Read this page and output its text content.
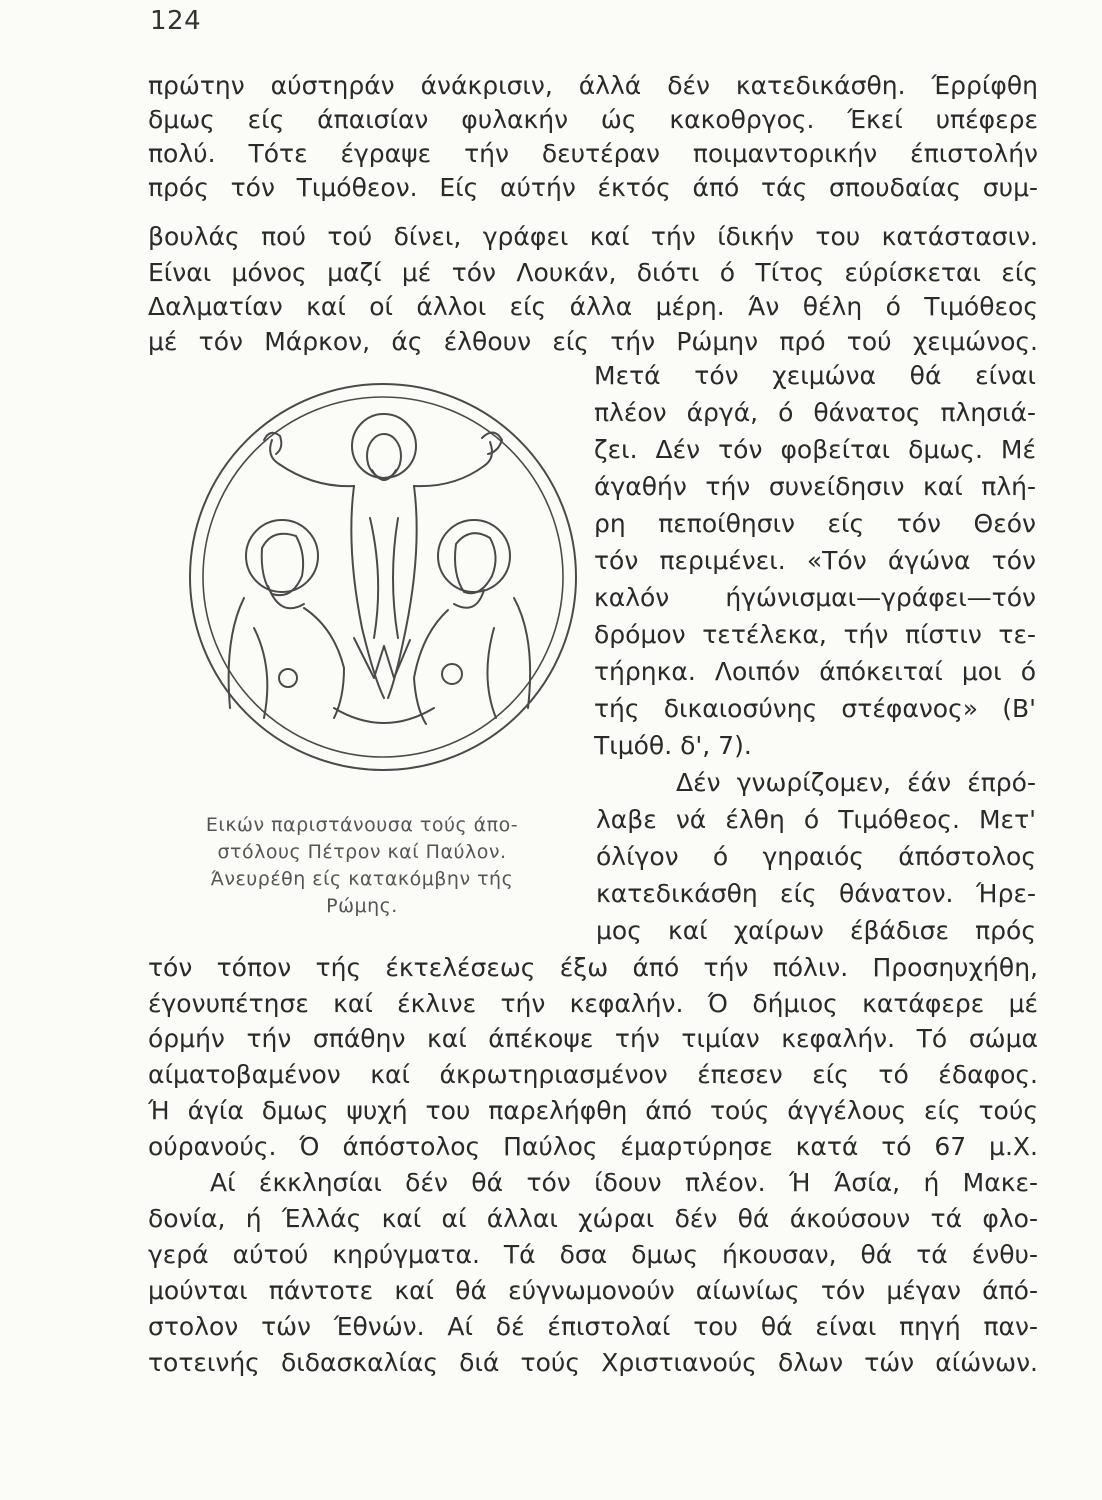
124
πρώτην αύστηράν άνάκρισιν, άλλά δέν κατεδικάσθη. Έρρίφθη
δμως είς άπαισίαν φυλακήν ώς κακοθργος. Έκεί υπέφερε
πολύ. Τότε έγραψε τήν δευτέραν ποιμαντορικήν έπιστολήν
πρός τόν Τιμόθεον. Είς αύτήν έκτός άπό τάς σπουδαίας συμ-
βουλάς πού τού δίνει, γράφει καί τήν ίδικήν του κατάστασιν.
Είναι μόνος μαζί μέ τόν Λουκάν, διότι ό Τίτος εύρίσκεται είς
Δαλματίαν καί οί άλλοι είς άλλα μέρη. Άν θέλη ό Τιμόθεος
μέ τόν Μάρκον, άς έλθουν είς τήν Ρώμην πρό τού χειμώνος.
Μετά τόν χειμώνα θά είναι
πλέον άργά, ό θάνατος πλησιά-
ζει. Δέν τόν φοβείται δμως. Μέ
άγαθήν τήν συνείδησιν καί πλή-
ρη πεποίθησιν είς τόν Θεόν
τόν περιμένει. «Τόν άγώνα τόν
καλόν ήγώνισμαι—γράφει—τόν
δρόμον τετέλεκα, τήν πίστιν τε-
τήρηκα. Λοιπόν άπόκειταί μοι ό
τής δικαιοσύνης στέφανος» (Β'
Τιμόθ. δ', 7).
Δέν γνωρίζομεν, έάν έπρό-
λαβε νά έλθη ό Τιμόθεος. Μετ'
όλίγον ό γηραιός άπόστολος
κατεδικάσθη είς θάνατον. Ήρε-
μος καί χαίρων έβάδισε πρός
Εικών παριστάνουσα τούς άπο-
στόλους Πέτρον καί Παύλον.
Άνευρέθη είς κατακόμβην τής
Ρώμης.
τόν τόπον τής έκτελέσεως έξω άπό τήν πόλιν. Προσηυχήθη,
έγονυπέτησε καί έκλινε τήν κεφαλήν. Ό δήμιος κατάφερε μέ
όρμήν τήν σπάθην καί άπέκοψε τήν τιμίαν κεφαλήν. Τό σώμα
αίματοβαμένον καί άκρωτηριασμένον έπεσεν είς τό έδαφος.
Ή άγία δμως ψυχή του παρελήφθη άπό τούς άγγέλους είς τούς
ούρανούς. Ό άπόστολος Παύλος έμαρτύρησε κατά τό 67 μ.Χ.
Αί έκκλησίαι δέν θά τόν ίδουν πλέον. Ή Άσία, ή Μακε-
δονία, ή Έλλάς καί αί άλλαι χώραι δέν θά άκούσουν τά φλο-
γερά αύτού κηρύγματα. Τά δσα δμως ήκουσαν, θά τά ένθυ-
μούνται πάντοτε καί θά εύγνωμονούν αίωνίως τόν μέγαν άπό-
στολον τών Έθνών. Αί δέ έπιστολαί του θά είναι πηγή παν-
τοτεινής διδασκαλίας διά τούς Χριστιανούς δλων τών αίώνων.
